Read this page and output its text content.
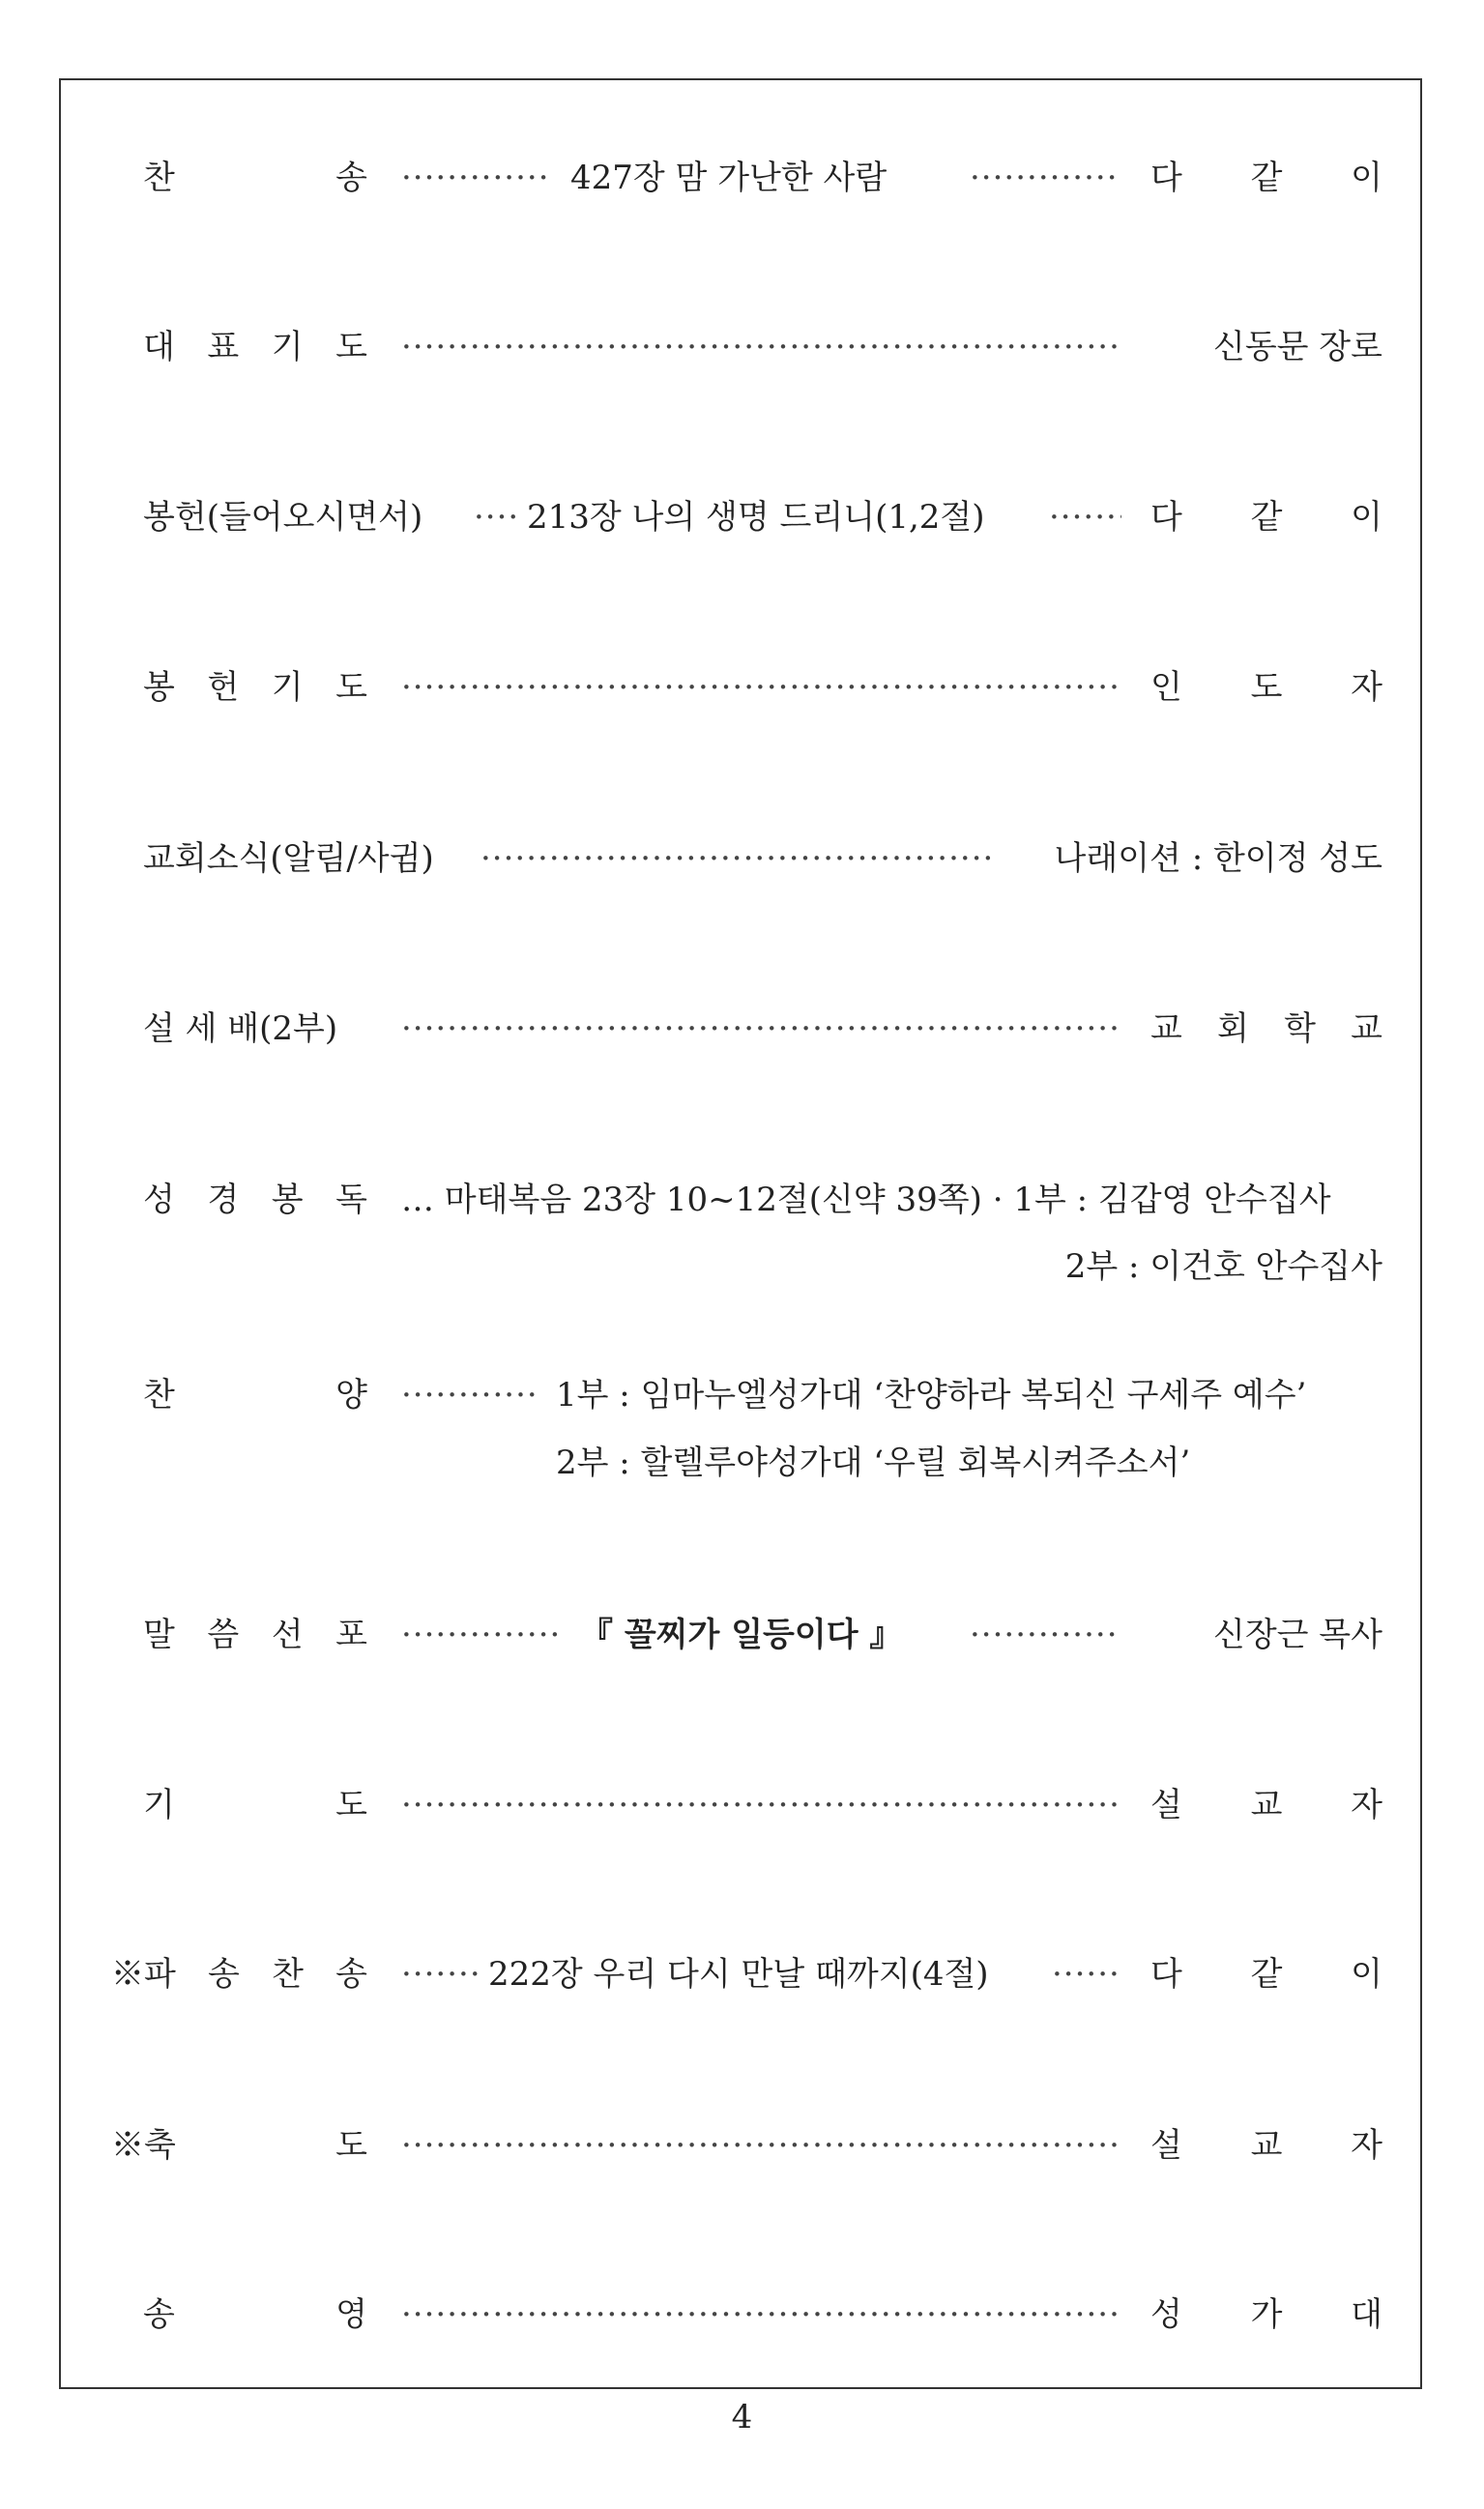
찬	송 ·····	427장 맘 가난한 사람 ·····	다 같 이
대 표 기 도 ·····	신동문 장로
봉헌(들어오시면서) ·····	213장 나의 생명 드리니(1,2절) ·····	다 같 이
봉 헌 기 도 ·····	인 도 자
교회소식(알림/사귐) ·····	나래이션 : 한이정 성도
설 세 배(2부) ·····	교 회 학 교
성 경 봉 독 … 마태복음 23장 10~12절(신약 39쪽) · 1부 : 김갑영 안수집사
2부 : 이건호 안수집사
찬	양 ·····	1부 : 임마누엘성가대 ‘찬양하라 복되신 구세주 예수’
2부 : 할렐루야성가대 ‘우릴 회복시켜주소서’
말 씀 선 포 ·····	『 꼴찌가 일등이다 』 ·····	신장근 목사
기	도 ·····	설 교 자
※파 송 찬 송 ·····	222장 우리 다시 만날 때까지(4절) ·····	다 같 이
※축	도 ·····	설 교 자
송	영 ·····	성 가 대
4
